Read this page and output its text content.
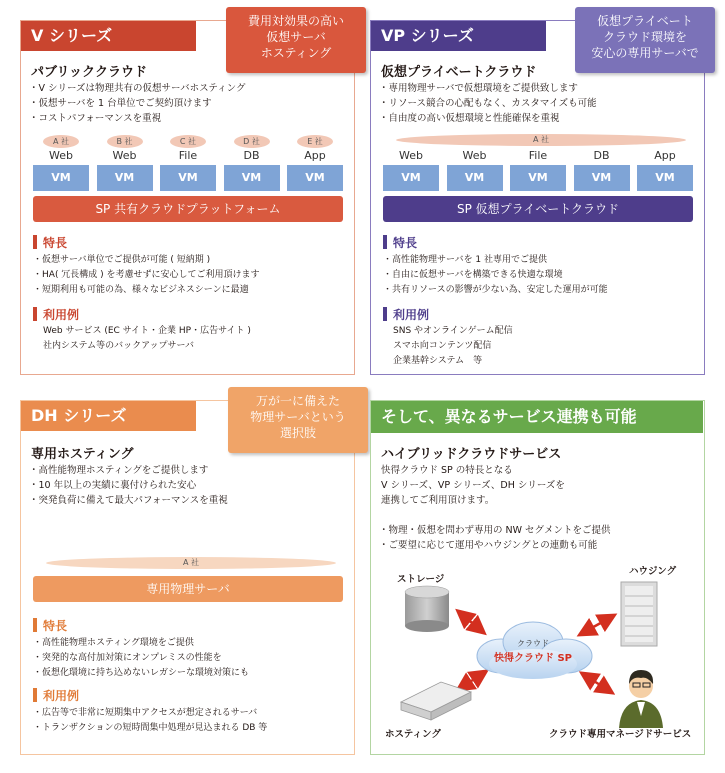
V シリーズ
パブリッククラウド
・ V シリーズは物理共有の仮想サーバホスティング
・ 仮想サーバを 1 台単位でご契約頂けます
・ コストパフォーマンスを重視
A 社
Web
VM
B 社
Web
VM
C 社
File
VM
D 社
DB
VM
E 社
App
VM
SP 共有クラウドプラットフォーム
特長
・ 仮想サーバ単位でご提供が可能 ( 短納期 )
・ HA( 冗長構成 ) を考慮せずに安心してご利用頂けます
・ 短期利用も可能の為、様々なビジネスシーンに最適
利用例
Web サービス (EC サイト・企業 HP・広告サイト )
社内システム等のバックアップサーバ
費用対効果の高い
仮想サーバ
ホスティング
VP シリーズ
仮想プライベートクラウド
・ 専用物理サーバで仮想環境をご提供致します
・ リソース競合の心配もなく、カスタマイズも可能
・ 自由度の高い仮想環境と性能確保を重視
A 社
Web
VM
Web
VM
File
VM
DB
VM
App
VM
SP 仮想プライベートクラウド
特長
・ 高性能物理サーバを 1 社専用でご提供
・ 自由に仮想サーバを構築できる快適な環境
・ 共有リソースの影響が少ない為、安定した運用が可能
利用例
SNS やオンラインゲーム配信
スマホ向コンテンツ配信
企業基幹システム　等
仮想プライベート
クラウド環境を
安心の専用サーバで
DH シリーズ
専用ホスティング
・ 高性能物理ホスティングをご提供します
・ 10 年以上の実績に裏付けられた安心
・ 突発負荷に備えて最大パフォーマンスを重視
A 社
専用物理サーバ
特長
・ 高性能物理ホスティング環境をご提供
・ 突発的な高付加対策にオンプレミスの性能を
・ 仮想化環境に持ち込めないレガシーな環境対策にも
利用例
・ 広告等で非常に短期集中アクセスが想定されるサーバ
・ トランザクションの短時間集中処理が見込まれる DB 等
万が一に備えた
物理サーバという
選択肢
そして、異なるサービス連携も可能
ハイブリッドクラウドサービス
快得クラウド SP の特長となる
V シリーズ、VP シリーズ、DH シリーズを
連携してご利用頂けます。
・ 物理・仮想を問わず専用の NW セグメントをご提供
・ ご要望に応じて運用やハウジングとの連動も可能
クラウド
快得クラウド SP
ストレージ
ハウジング
ホスティング	クラウド専用マネージドサービス
